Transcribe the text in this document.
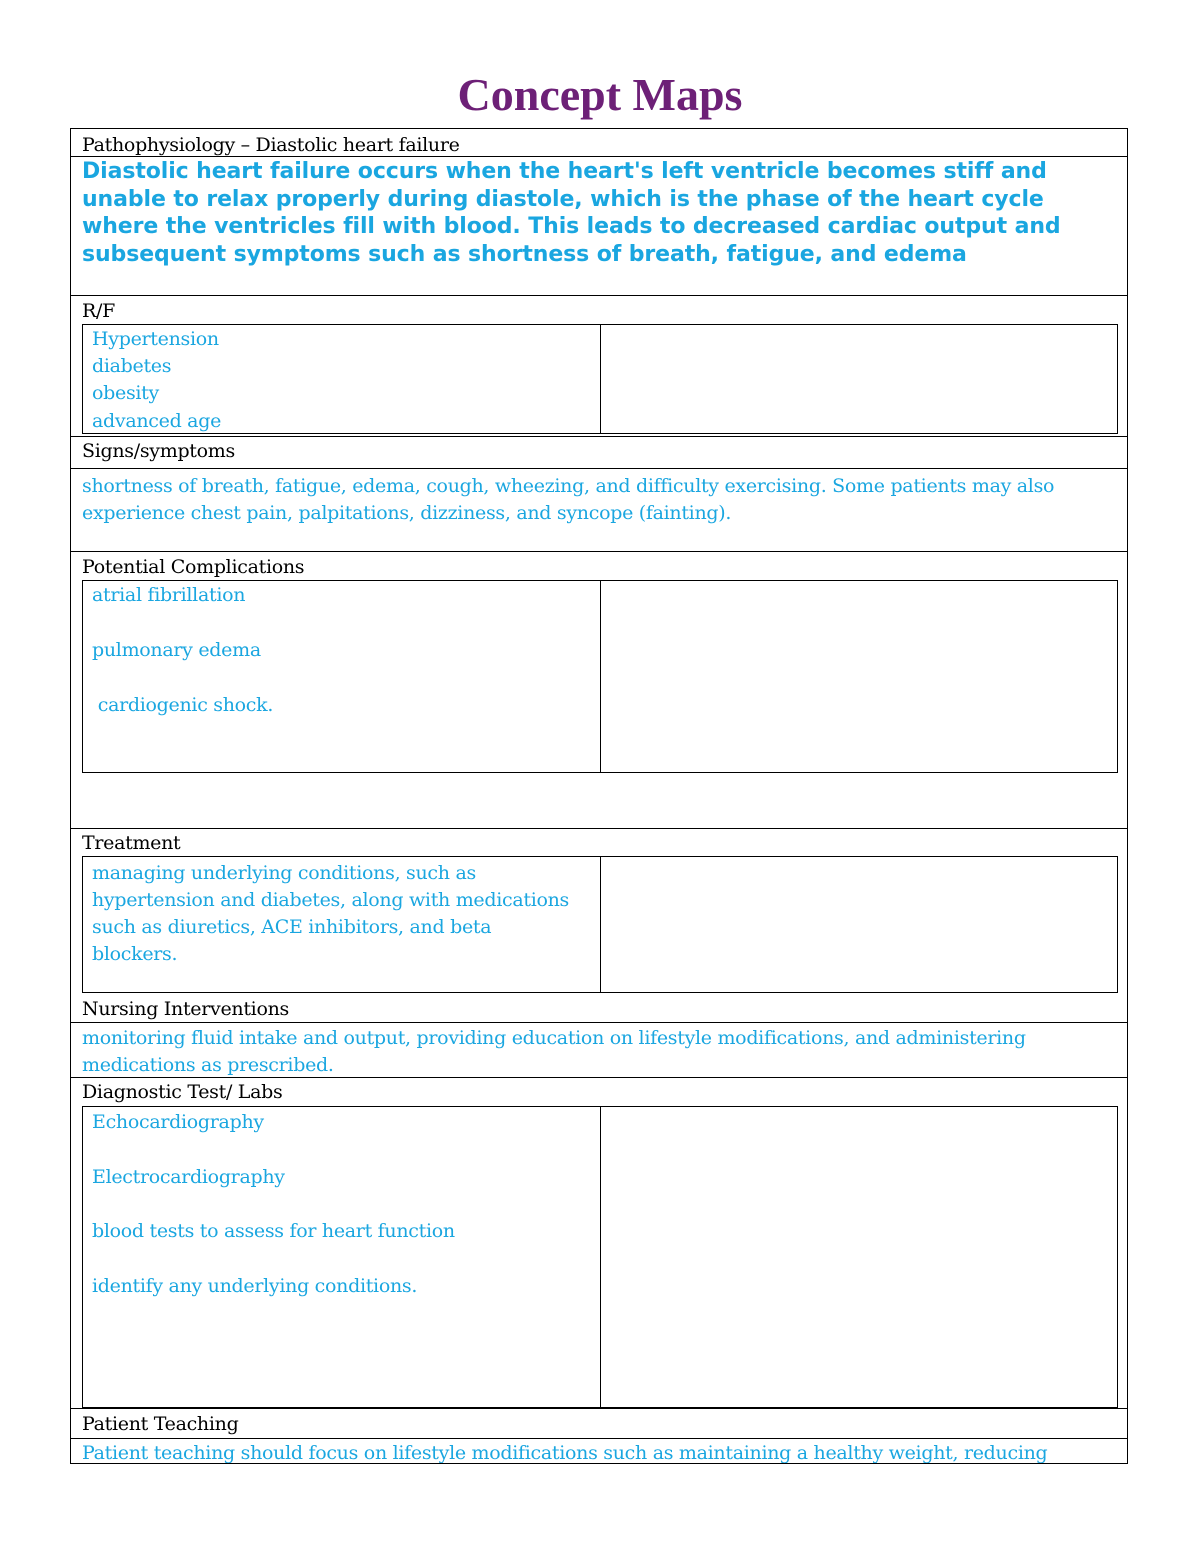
Concept Maps
Pathophysiology – Diastolic heart failure
Diastolic heart failure occurs when the heart's left ventricle becomes stiff and unable to relax properly during diastole, which is the phase of the heart cycle where the ventricles fill with blood. This leads to decreased cardiac output and subsequent symptoms such as shortness of breath, fatigue, and edema
R/F
Hypertension
diabetes
obesity
advanced age
Signs/symptoms
shortness of breath, fatigue, edema, cough, wheezing, and difficulty exercising. Some patients may also experience chest pain, palpitations, dizziness, and syncope (fainting).
Potential Complications
atrial fibrillation
pulmonary edema
cardiogenic shock.
Treatment
managing underlying conditions, such as hypertension and diabetes, along with medications such as diuretics, ACE inhibitors, and beta blockers.
Nursing Interventions
monitoring fluid intake and output, providing education on lifestyle modifications, and administering medications as prescribed.
Diagnostic Test/ Labs
Echocardiography
Electrocardiography
blood tests to assess for heart function
identify any underlying conditions.
Patient Teaching
Patient teaching should focus on lifestyle modifications such as maintaining a healthy weight, reducing
